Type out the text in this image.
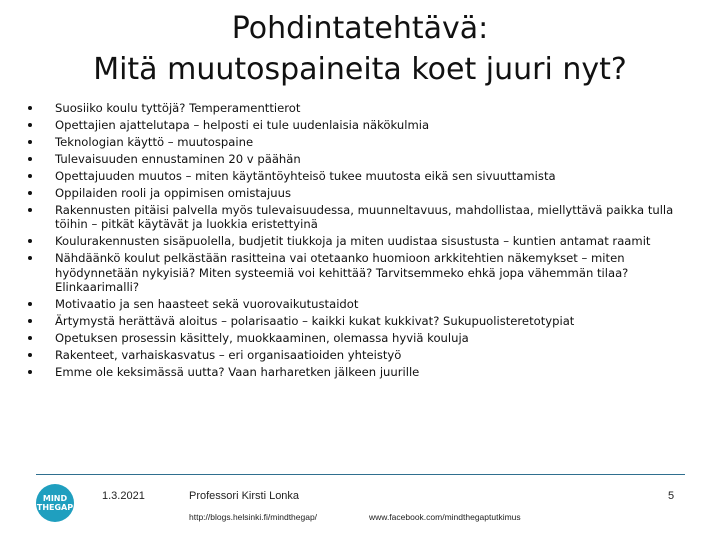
Pohdintatehtävä:
Mitä muutospaineita koet juuri nyt?
Suosiiko koulu tyttöjä? Temperamenttierot
Opettajien ajattelutapa – helposti ei tule uudenlaisia näkökulmia
Teknologian käyttö – muutospaine
Tulevaisuuden ennustaminen 20 v päähän
Opettajuuden muutos – miten käytäntöyhteisö tukee muutosta eikä sen sivuuttamista
Oppilaiden rooli ja oppimisen omistajuus
Rakennusten pitäisi palvella myös tulevaisuudessa, muunneltavuus, mahdollistaa, miellyttävä paikka tulla töihin – pitkät käytävät ja luokkia eristettyinä
Koulurakennusten sisäpuolella, budjetit tiukkoja ja miten uudistaa sisustusta – kuntien antamat raamit
Nähdäänkö koulut pelkästään rasitteina vai otetaanko huomioon arkkitehtien näkemykset – miten hyödynnetään nykyisiä? Miten systeemiä voi kehittää? Tarvitsemmeko ehkä jopa vähemmän tilaa? Elinkaarimalli?
Motivaatio ja sen haasteet sekä vuorovaikutustaidot
Ärtymystä herättävä aloitus – polarisaatio – kaikki kukat kukkivat? Sukupuolisteretotypiat
Opetuksen prosessin käsittely, muokkaaminen, olemassa hyviä kouluja
Rakenteet, varhaiskasvatus – eri organisaatioiden yhteistyö
Emme ole keksimässä uutta? Vaan harharetken jälkeen juurille
MIND
THEGAP
1.3.2021	Professori Kirsti Lonka	5
http://blogs.helsinki.fi/mindthegap/	www.facebook.com/mindthegaptutkimus
